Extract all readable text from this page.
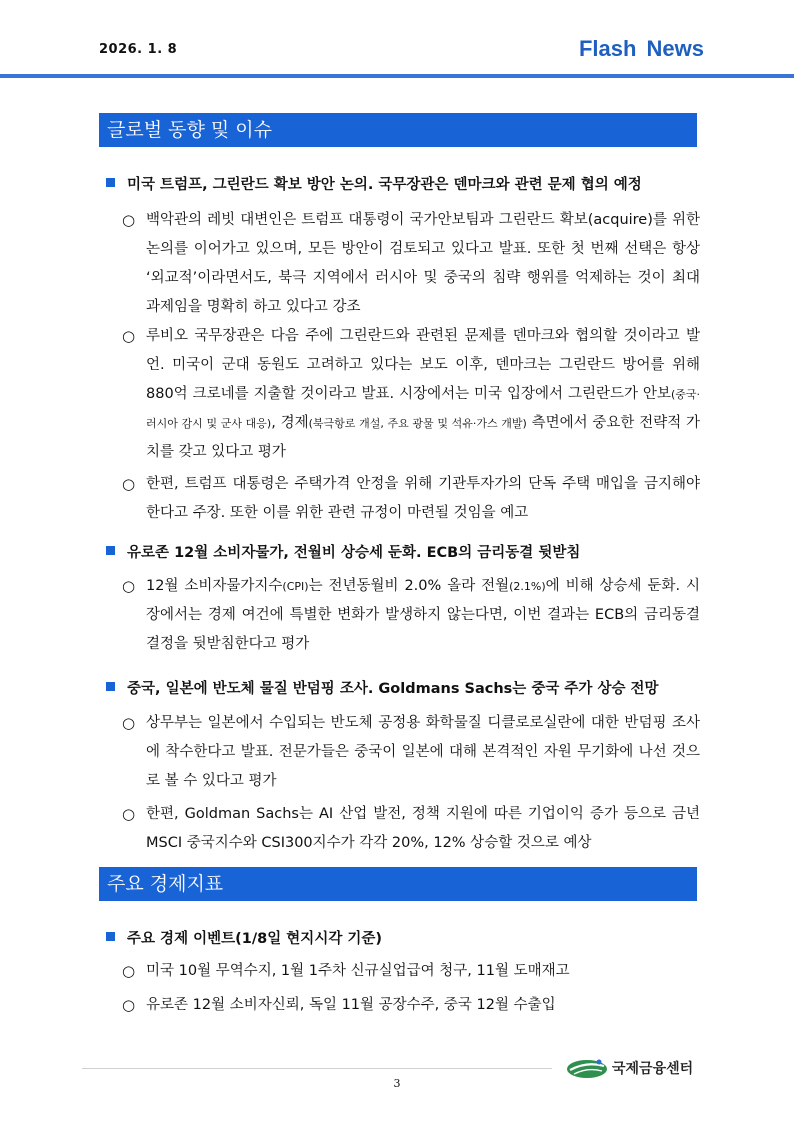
2026. 1. 8	Flash News
글로벌 동향 및 이슈
미국 트럼프, 그린란드 확보 방안 논의. 국무장관은 덴마크와 관련 문제 협의 예정
○ 백악관의 레빗 대변인은 트럼프 대통령이 국가안보팀과 그린란드 확보(acquire)를 위한 논의를 이어가고 있으며, 모든 방안이 검토되고 있다고 발표. 또한 첫 번째 선택은 항상 ‘외교적’이라면서도, 북극 지역에서 러시아 및 중국의 침략 행위를 억제하는 것이 최대 과제임을 명확히 하고 있다고 강조
○ 루비오 국무장관은 다음 주에 그린란드와 관련된 문제를 덴마크와 협의할 것이라고 발언. 미국이 군대 동원도 고려하고 있다는 보도 이후, 덴마크는 그린란드 방어를 위해 880억 크로네를 지출할 것이라고 발표. 시장에서는 미국 입장에서 그린란드가 안보(중국·러시아 감시 및 군사 대응), 경제(북극항로 개설, 주요 광물 및 석유·가스 개발) 측면에서 중요한 전략적 가치를 갖고 있다고 평가
○ 한편, 트럼프 대통령은 주택가격 안정을 위해 기관투자가의 단독 주택 매입을 금지해야 한다고 주장. 또한 이를 위한 관련 규정이 마련될 것임을 예고
유로존 12월 소비자물가, 전월비 상승세 둔화. ECB의 금리동결 뒷받침
○ 12월 소비자물가지수(CPI)는 전년동월비 2.0% 올라 전월(2.1%)에 비해 상승세 둔화. 시장에서는 경제 여건에 특별한 변화가 발생하지 않는다면, 이번 결과는 ECB의 금리동결 결정을 뒷받침한다고 평가
중국, 일본에 반도체 물질 반덤핑 조사. Goldmans Sachs는 중국 주가 상승 전망
○ 상무부는 일본에서 수입되는 반도체 공정용 화학물질 디클로로실란에 대한 반덤핑 조사에 착수한다고 발표. 전문가들은 중국이 일본에 대해 본격적인 자원 무기화에 나선 것으로 볼 수 있다고 평가
○ 한편, Goldman Sachs는 AI 산업 발전, 정책 지원에 따른 기업이익 증가 등으로 금년 MSCI 중국지수와 CSI300지수가 각각 20%, 12% 상승할 것으로 예상
주요 경제지표
주요 경제 이벤트(1/8일 현지시각 기준)
○ 미국 10월 무역수지, 1월 1주차 신규실업급여 청구, 11월 도매재고
○ 유로존 12월 소비자신뢰, 독일 11월 공장수주, 중국 12월 수출입
3
국제금융센터
